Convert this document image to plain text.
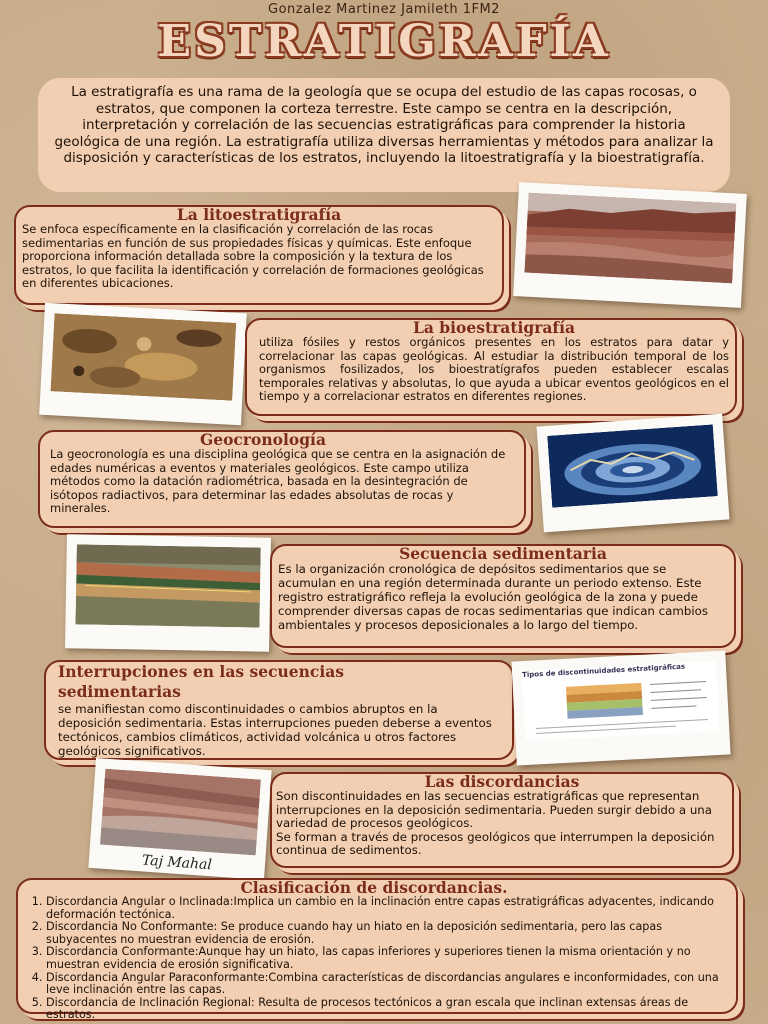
Gonzalez Martinez Jamileth 1FM2
ESTRATIGRAFÍA
La estratigrafía es una rama de la geología que se ocupa del estudio de las capas rocosas, o estratos, que componen la corteza terrestre. Este campo se centra en la descripción, interpretación y correlación de las secuencias estratigráficas para comprender la historia geológica de una región. La estratigrafía utiliza diversas herramientas y métodos para analizar la disposición y características de los estratos, incluyendo la litoestratigrafía y la bioestratigrafía.
La litoestratigrafía

Se enfoca específicamente en la clasificación y correlación de las rocas sedimentarias en función de sus propiedades físicas y químicas. Este enfoque proporciona información detallada sobre la composición y la textura de los estratos, lo que facilita la identificación y correlación de formaciones geológicas en diferentes ubicaciones.

La bioestratigrafía

utiliza fósiles y restos orgánicos presentes en los estratos para datar y correlacionar las capas geológicas. Al estudiar la distribución temporal de los organismos fosilizados, los bioestratígrafos pueden establecer escalas temporales relativas y absolutas, lo que ayuda a ubicar eventos geológicos en el tiempo y a correlacionar estratos en diferentes regiones.

Geocronología

La geocronología es una disciplina geológica que se centra en la asignación de edades numéricas a eventos y materiales geológicos. Este campo utiliza métodos como la datación radiométrica, basada en la desintegración de isótopos radiactivos, para determinar las edades absolutas de rocas y minerales.

Secuencia sedimentaria

Es la organización cronológica de depósitos sedimentarios que se acumulan en una región determinada durante un periodo extenso. Este registro estratigráfico refleja la evolución geológica de la zona y puede comprender diversas capas de rocas sedimentarias que indican cambios ambientales y procesos deposicionales a lo largo del tiempo.

Interrupciones en las secuencias sedimentarias

se manifiestan como discontinuidades o cambios abruptos en la deposición sedimentaria. Estas interrupciones pueden deberse a eventos tectónicos, cambios climáticos, actividad volcánica u otros factores geológicos significativos.

Tipos de discontinuidades estratigráficas
Taj Mahal
Las discordancias

Son discontinuidades en las secuencias estratigráficas que representan interrupciones en la deposición sedimentaria. Pueden surgir debido a una variedad de procesos geológicos.

Se forman a través de procesos geológicos que interrumpen la deposición continua de sedimentos.

Clasificación de discordancias.
1. Discordancia Angular o Inclinada:Implica un cambio en la inclinación entre capas estratigráficas adyacentes, indicando deformación tectónica.
2. Discordancia No Conformante: Se produce cuando hay un hiato en la deposición sedimentaria, pero las capas subyacentes no muestran evidencia de erosión.
3. Discordancia Conformante:Aunque hay un hiato, las capas inferiores y superiores tienen la misma orientación y no muestran evidencia de erosión significativa.
4. Discordancia Angular Paraconformante:Combina características de discordancias angulares e inconformidades, con una leve inclinación entre las capas.
5. Discordancia de Inclinación Regional: Resulta de procesos tectónicos a gran escala que inclinan extensas áreas de estratos.
